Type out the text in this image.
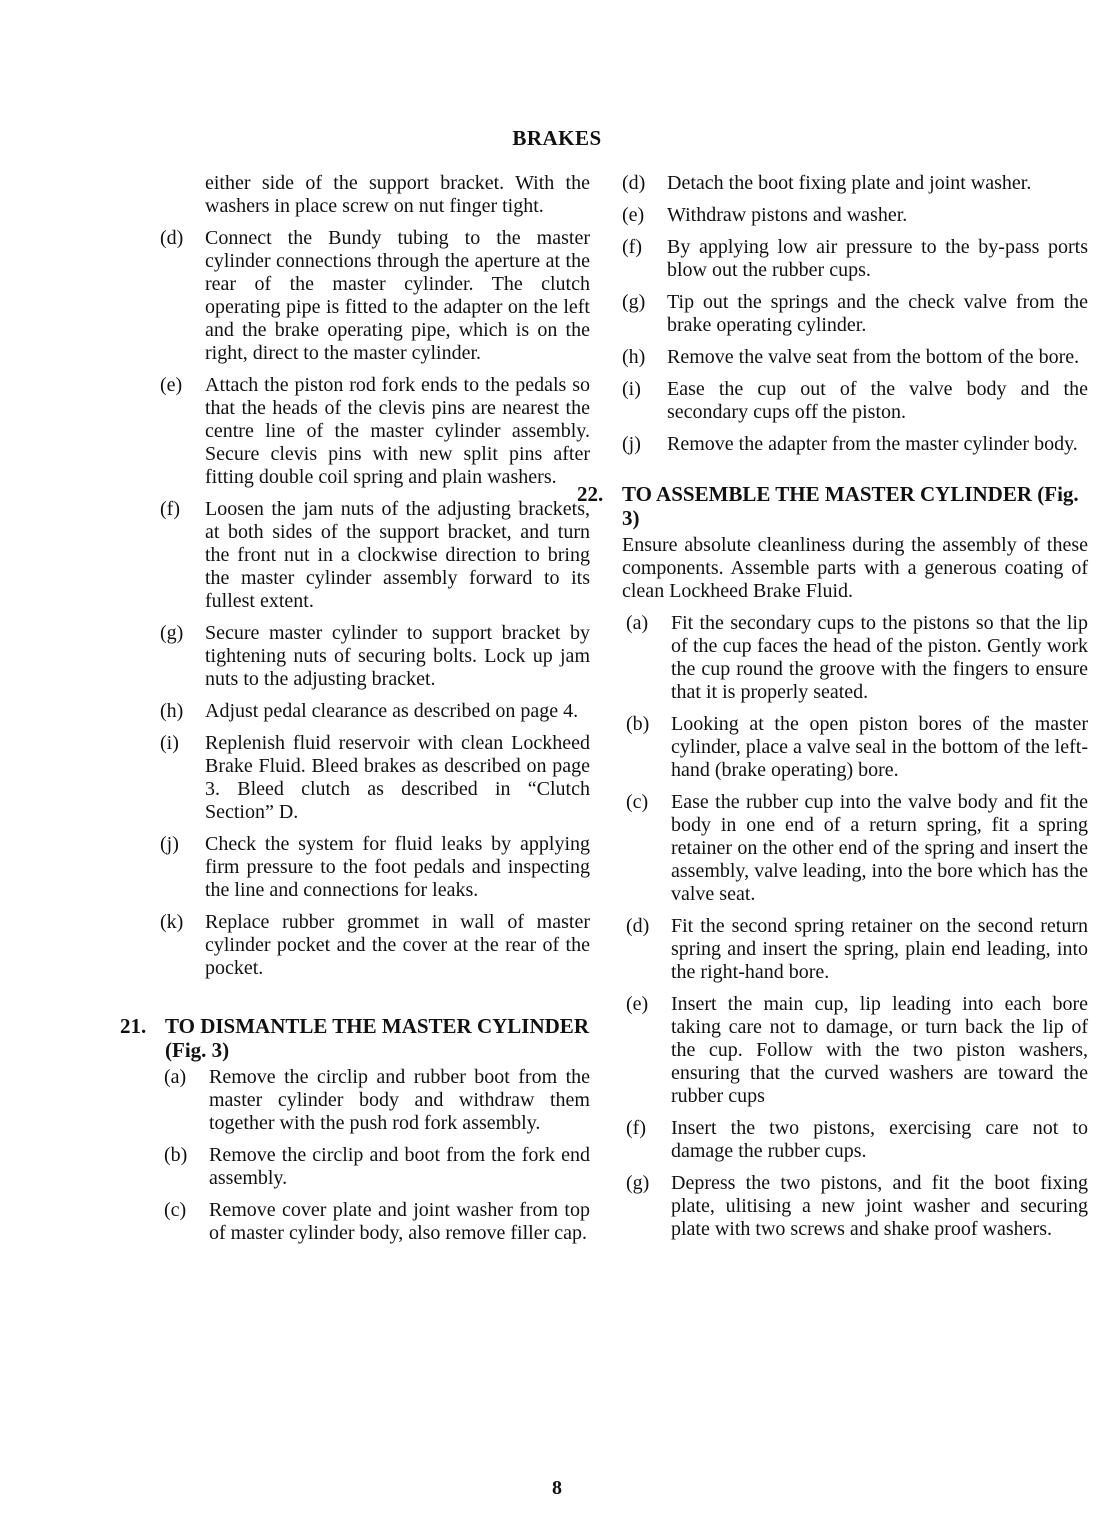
BRAKES
either side of the support bracket. With the washers in place screw on nut finger tight.
(d)	Connect the Bundy tubing to the master cylinder connections through the aperture at the rear of the master cylinder. The clutch operating pipe is fitted to the adapter on the left and the brake operating pipe, which is on the right, direct to the master cylinder.
(e)	Attach the piston rod fork ends to the pedals so that the heads of the clevis pins are nearest the centre line of the master cylinder assembly. Secure clevis pins with new split pins after fitting double coil spring and plain washers.
(f)	Loosen the jam nuts of the adjusting brackets, at both sides of the support bracket, and turn the front nut in a clockwise direction to bring the master cylinder assembly forward to its fullest extent.
(g)	Secure master cylinder to support bracket by tightening nuts of securing bolts. Lock up jam nuts to the adjusting bracket.
(h)	Adjust pedal clearance as described on page 4.
(i)	Replenish fluid reservoir with clean Lockheed Brake Fluid. Bleed brakes as described on page 3. Bleed clutch as described in “Clutch Section” D.
(j)	Check the system for fluid leaks by applying firm pressure to the foot pedals and inspecting the line and connections for leaks.
(k)	Replace rubber grommet in wall of master cylinder pocket and the cover at the rear of the pocket.
21. TO DISMANTLE THE MASTER CYLINDER (Fig. 3)
(a)	Remove the circlip and rubber boot from the master cylinder body and withdraw them together with the push rod fork assembly.
(b)	Remove the circlip and boot from the fork end assembly.
(c)	Remove cover plate and joint washer from top of master cylinder body, also remove filler cap.
(d)	Detach the boot fixing plate and joint washer.
(e)	Withdraw pistons and washer.
(f)	By applying low air pressure to the by-pass ports blow out the rubber cups.
(g)	Tip out the springs and the check valve from the brake operating cylinder.
(h)	Remove the valve seat from the bottom of the bore.
(i)	Ease the cup out of the valve body and the secondary cups off the piston.
(j)	Remove the adapter from the master cylinder body.
22. TO ASSEMBLE THE MASTER CYLINDER (Fig. 3)
Ensure absolute cleanliness during the assembly of these components. Assemble parts with a generous coating of clean Lockheed Brake Fluid.
(a)	Fit the secondary cups to the pistons so that the lip of the cup faces the head of the piston. Gently work the cup round the groove with the fingers to ensure that it is properly seated.
(b)	Looking at the open piston bores of the master cylinder, place a valve seal in the bottom of the left-hand (brake operating) bore.
(c)	Ease the rubber cup into the valve body and fit the body in one end of a return spring, fit a spring retainer on the other end of the spring and insert the assembly, valve leading, into the bore which has the valve seat.
(d)	Fit the second spring retainer on the second return spring and insert the spring, plain end leading, into the right-hand bore.
(e)	Insert the main cup, lip leading into each bore taking care not to damage, or turn back the lip of the cup. Follow with the two piston washers, ensuring that the curved washers are toward the rubber cups
(f)	Insert the two pistons, exercising care not to damage the rubber cups.
(g)	Depress the two pistons, and fit the boot fixing plate, ulitising a new joint washer and securing plate with two screws and shake proof washers.
8
